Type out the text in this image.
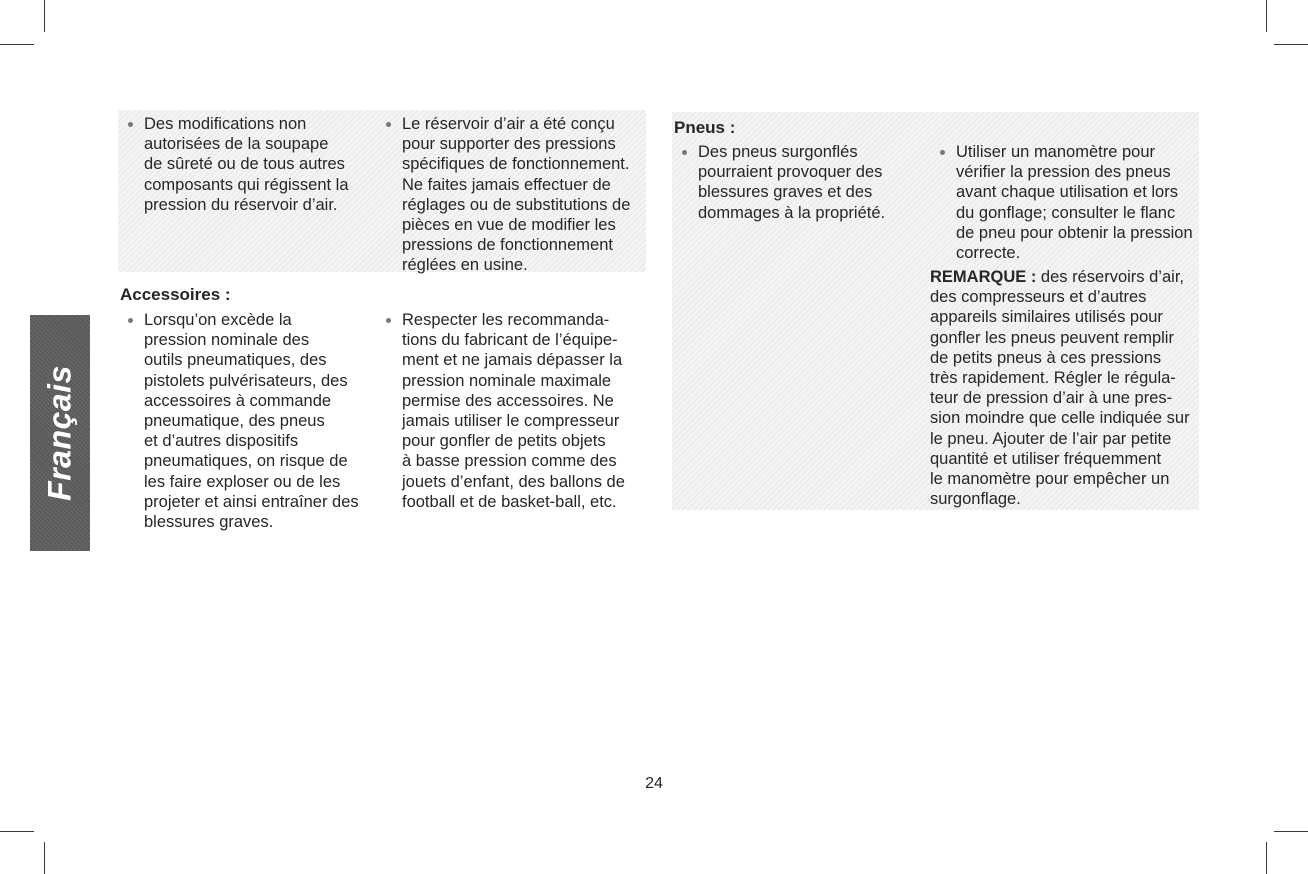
Français
Des modifications non
autorisées de la soupape
de sûreté ou de tous autres
composants qui régissent la
pression du réservoir d’air.
Le réservoir d’air a été conçu
pour supporter des pressions
spécifiques de fonctionnement.
Ne faites jamais effectuer de
réglages ou de substitutions de
pièces en vue de modifier les
pressions de fonctionnement
réglées en usine.
Accessoires :
Lorsqu’on excède la
pression nominale des
outils pneumatiques, des
pistolets pulvérisateurs, des
accessoires à commande
pneumatique, des pneus
et d’autres dispositifs
pneumatiques, on risque de
les faire exploser ou de les
projeter et ainsi entraîner des
blessures graves.
Respecter les recommanda-
tions du fabricant de l’équipe-
ment et ne jamais dépasser la
pression nominale maximale
permise des accessoires. Ne
jamais utiliser le compresseur
pour gonfler de petits objets
à basse pression comme des
jouets d’enfant, des ballons de
football et de basket-ball, etc.
Pneus :
Des pneus surgonflés
pourraient provoquer des
blessures graves et des
dommages à la propriété.
Utiliser un manomètre pour
vérifier la pression des pneus
avant chaque utilisation et lors
du gonflage; consulter le flanc
de pneu pour obtenir la pression
correcte.
REMARQUE : des réservoirs d’air,
des compresseurs et d’autres
appareils similaires utilisés pour
gonfler les pneus peuvent remplir
de petits pneus à ces pressions
très rapidement. Régler le régula-
teur de pression d’air à une pres-
sion moindre que celle indiquée sur
le pneu. Ajouter de l’air par petite
quantité et utiliser fréquemment
le manomètre pour empêcher un
surgonflage.
24
